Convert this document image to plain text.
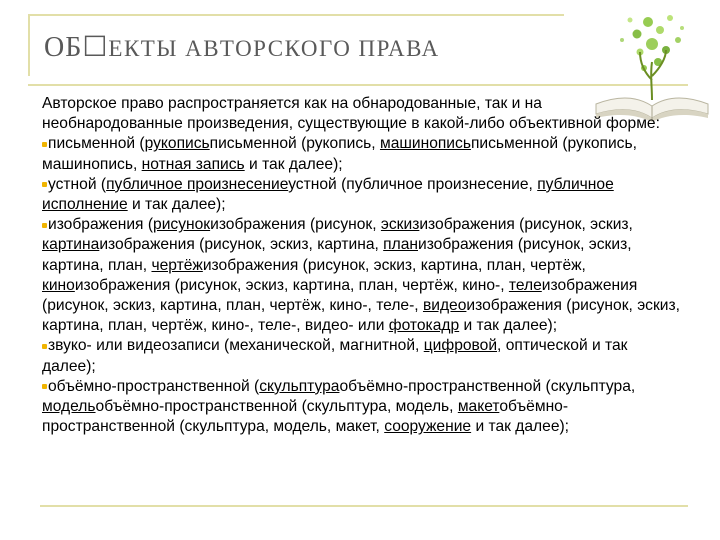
ОБ☐ЕКТЫ АВТОРСКОГО ПРАВА

Авторское право распространяется как на обнародованные, так и на необнародованные произведения, существующие в какой-либо объективной форме:

письменной (рукописьписьменной (рукопись, машинописьписьменной (рукопись, машинопись, нотная запись и так далее);

устной (публичное произнесениеустной (публичное произнесение, публичное исполнение и так далее);

изображения (рисунокизображения (рисунок, эскизизображения (рисунок, эскиз, картинаизображения (рисунок, эскиз, картина, планизображения (рисунок, эскиз, картина, план, чертёжизображения (рисунок, эскиз, картина, план, чертёж, киноизображения (рисунок, эскиз, картина, план, чертёж, кино-, телеизображения (рисунок, эскиз, картина, план, чертёж, кино-, теле-, видеоизображения (рисунок, эскиз, картина, план, чертёж, кино-, теле-, видео- или фотокадр и так далее);

звуко- или видеозаписи (механической, магнитной, цифровой, оптической и так далее);

объёмно-пространственной (скульптураобъёмно-пространственной (скульптура, модельобъёмно-пространственной (скульптура, модель, макетобъёмно-пространственной (скульптура, модель, макет, сооружение и так далее);
